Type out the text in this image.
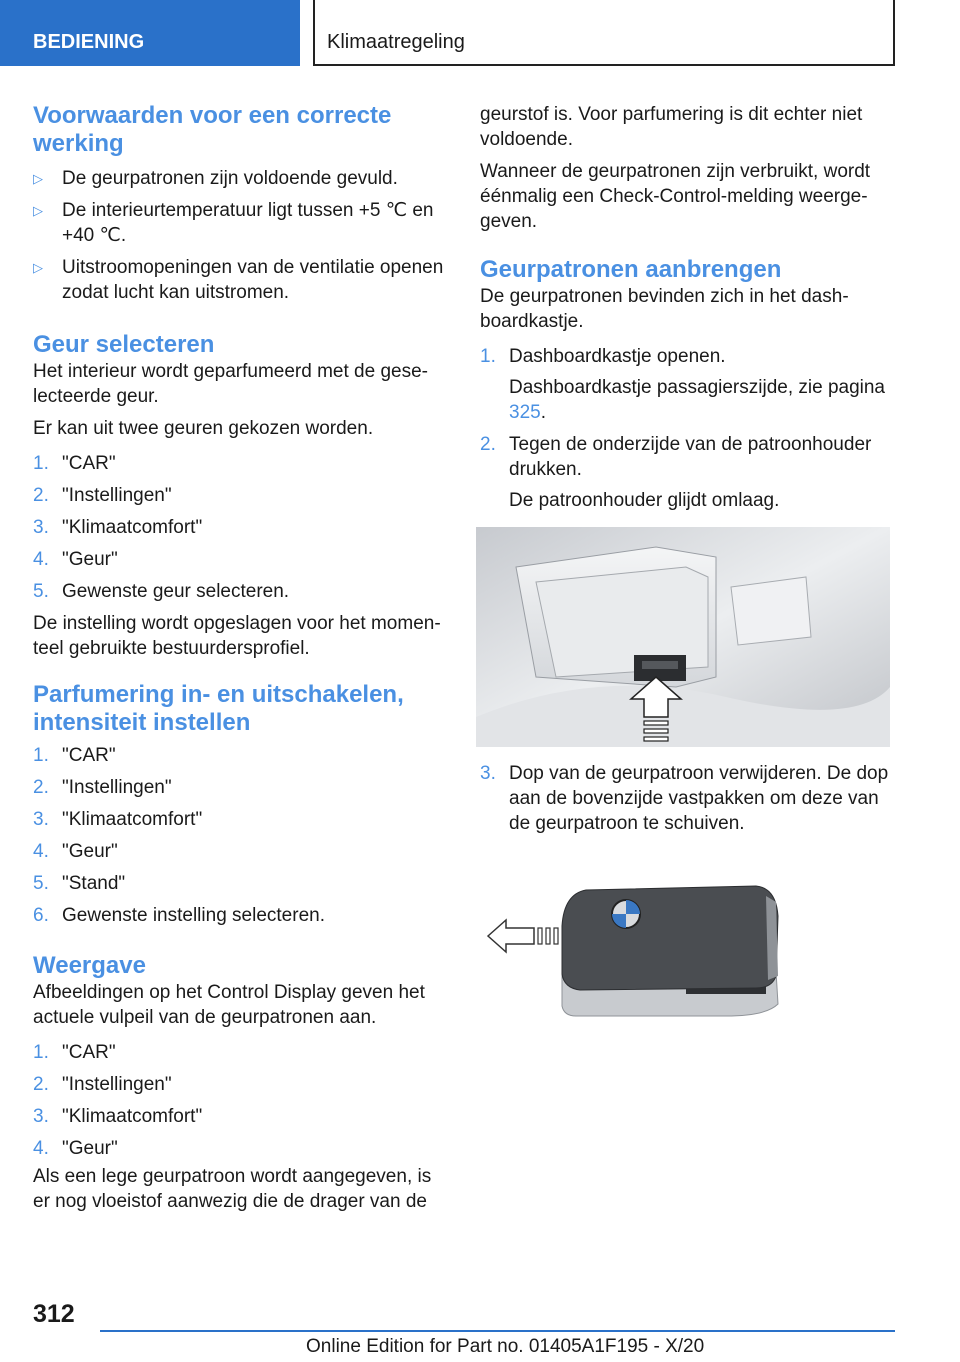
BEDIENING	Klimaatregeling
Voorwaarden voor een correcte werking
▷ De geurpatronen zijn voldoende gevuld.
▷ De interieurtemperatuur ligt tussen +5 ℃ en +40 ℃.
▷ Uitstroomopeningen van de ventilatie openen zodat lucht kan uitstromen.
Geur selecteren

Het interieur wordt geparfumeerd met de geselecteerde geur.

Er kan uit twee geuren gekozen worden.

1. "CAR"
2. "Instellingen"
3. "Klimaatcomfort"
4. "Geur"
5. Gewenste geur selecteren.

De instelling wordt opgeslagen voor het momenteel gebruikte bestuurdersprofiel.

Parfumering in- en uitschakelen, intensiteit instellen
1. "CAR"
2. "Instellingen"
3. "Klimaatcomfort"
4. "Geur"
5. "Stand"
6. Gewenste instelling selecteren.
Weergave

Afbeeldingen op het Control Display geven het actuele vulpeil van de geurpatronen aan.

1. "CAR"
2. "Instellingen"
3. "Klimaatcomfort"
4. "Geur"

Als een lege geurpatroon wordt aangegeven, is er nog vloeistof aanwezig die de drager van de

geurstof is. Voor parfumering is dit echter niet voldoende.

Wanneer de geurpatronen zijn verbruikt, wordt éénmalig een Check-Control-melding weergegeven.

Geurpatronen aanbrengen

De geurpatronen bevinden zich in het dashboardkastje.

1. Dashboardkastje openen.
Dashboardkastje passagierszijde, zie pagina 325.
2. Tegen de onderzijde van de patroonhouder drukken.
De patroonhouder glijdt omlaag.
3. Dop van de geurpatroon verwijderen. De dop aan de bovenzijde vastpakken om deze van de geurpatroon te schuiven.
312
Online Edition for Part no. 01405A1F195 - X/20
